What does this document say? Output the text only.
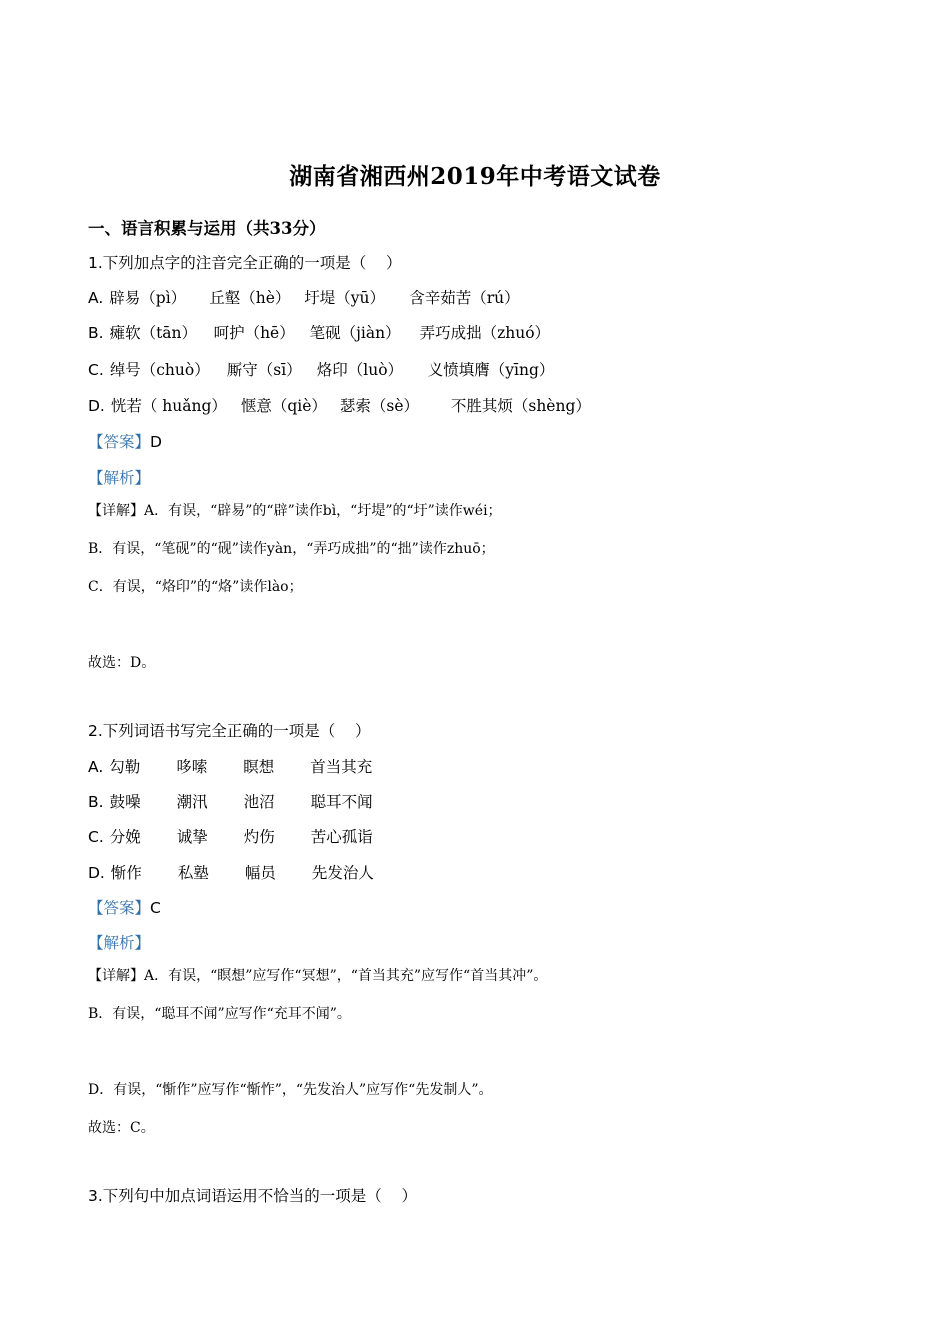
湖南省湘西州2019年中考语文试卷
一、语言积累与运用（共33分）
1.下列加点字的注音完全正确的一项是（    ）
A. 辟易（pì） 丘壑（hè） 圩堤（yū） 含辛茹苦（rú）
B. 瘫软（tān） 呵护（hē） 笔砚（jiàn） 弄巧成拙（zhuó）
C. 绰号（chuò） 厮守（sī） 烙印（luò） 义愤填膺（yīng）
D. 恍若（ huǎng） 惬意（qiè） 瑟索（sè） 不胜其烦（shèng）
【答案】D
【解析】
【详解】A．有误，“辟易”的“辟”读作bì，“圩堤”的“圩”读作wéi；
B．有误，“笔砚”的“砚”读作yàn，“弄巧成拙”的“拙”读作zhuō；
C．有误，“烙印”的“烙”读作lào；
故选：D。
2.下列词语书写完全正确的一项是（    ）
A. 勾勒 哆嗦 瞑想 首当其充
B. 鼓噪 潮汛 池沼 聪耳不闻
C. 分娩 诚挚 灼伤 苦心孤诣
D. 惭作 私塾 幅员 先发治人
【答案】C
【解析】
【详解】A．有误，“瞑想”应写作“冥想”，“首当其充”应写作“首当其冲”。
B．有误，“聪耳不闻”应写作“充耳不闻”。
D．有误，“惭作”应写作“惭怍”，“先发治人”应写作“先发制人”。
故选：C。
3.下列句中加点词语运用不恰当的一项是（    ）
